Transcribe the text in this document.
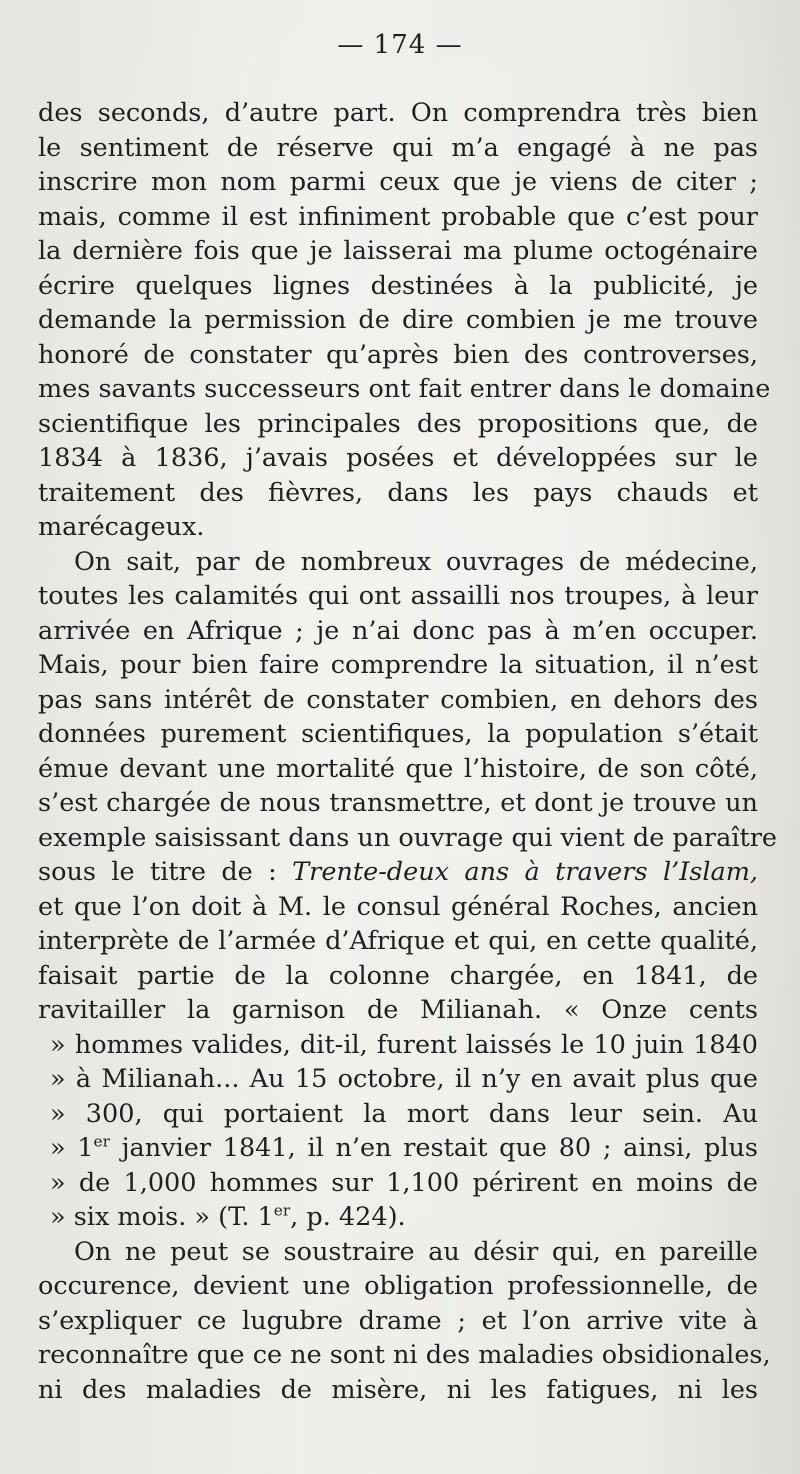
— 174 —
des seconds, d’autre part. On comprendra très bien
le sentiment de réserve qui m’a engagé à ne pas
inscrire mon nom parmi ceux que je viens de citer ;
mais, comme il est infiniment probable que c’est pour
la dernière fois que je laisserai ma plume octogénaire
écrire quelques lignes destinées à la publicité, je
demande la permission de dire combien je me trouve
honoré de constater qu’après bien des controverses,
mes savants successeurs ont fait entrer dans le domaine
scientifique les principales des propositions que, de
1834 à 1836, j’avais posées et développées sur le
traitement des fièvres, dans les pays chauds et
marécageux.
On sait, par de nombreux ouvrages de médecine,
toutes les calamités qui ont assailli nos troupes, à leur
arrivée en Afrique ; je n’ai donc pas à m’en occuper.
Mais, pour bien faire comprendre la situation, il n’est
pas sans intérêt de constater combien, en dehors des
données purement scientifiques, la population s’était
émue devant une mortalité que l’histoire, de son côté,
s’est chargée de nous transmettre, et dont je trouve un
exemple saisissant dans un ouvrage qui vient de paraître
sous le titre de : Trente-deux ans à travers l’Islam,
et que l’on doit à M. le consul général Roches, ancien
interprète de l’armée d’Afrique et qui, en cette qualité,
faisait partie de la colonne chargée, en 1841, de
ravitailler la garnison de Milianah. « Onze cents
» hommes valides, dit-il, furent laissés le 10 juin 1840
» à Milianah... Au 15 octobre, il n’y en avait plus que
» 300, qui portaient la mort dans leur sein. Au
» 1er janvier 1841, il n’en restait que 80 ; ainsi, plus
» de 1,000 hommes sur 1,100 périrent en moins de
» six mois. » (T. 1er, p. 424).
On ne peut se soustraire au désir qui, en pareille
occurence, devient une obligation professionnelle, de
s’expliquer ce lugubre drame ; et l’on arrive vite à
reconnaître que ce ne sont ni des maladies obsidionales,
ni des maladies de misère, ni les fatigues, ni les
